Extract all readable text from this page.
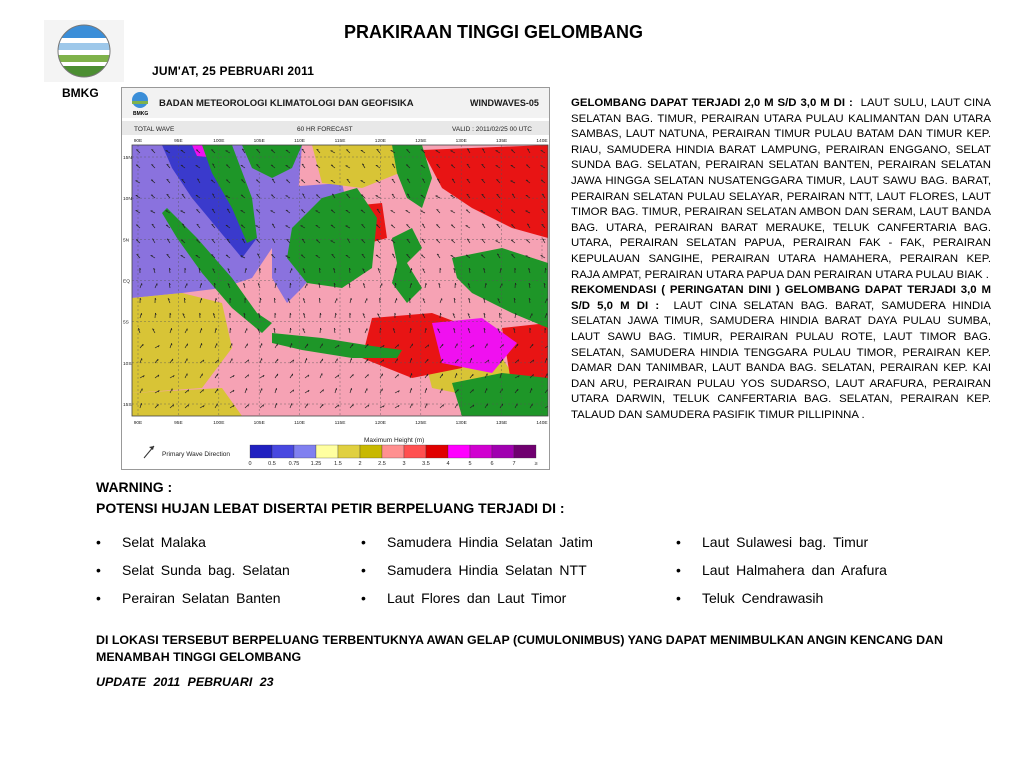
BMKG
PRAKIRAAN TINGGI GELOMBANG
JUM'AT, 25 PEBRUARI 2011
BMKG
BADAN METEOROLOGI KLIMATOLOGI DAN GEOFISIKA	WINDWAVES-05
TOTAL WAVE	60 HR FORECAST	VALID : 2011/02/25 00 UTC
90E	95E	100E	105E	110E	115E	120E	125E	130E	135E	140E
90E	95E	100E	105E	110E	115E	120E	125E	130E	135E	140E
15N
10N
5N
EQ
5S
10S
15S
Primary Wave Direction
Maximum Height (m)
0	0.5 0.75 1.25 1.5	2	2.5	3	3.5	4	5	6	7	≥
GELOMBANG DAPAT TERJADI 2,0 M S/D 3,0 M DI : LAUT SULU, LAUT CINA SELATAN BAG. TIMUR, PERAIRAN UTARA PULAU KALIMANTAN DAN UTARA SAMBAS, LAUT NATUNA, PERAIRAN TIMUR PULAU BATAM DAN TIMUR KEP. RIAU, SAMUDERA HINDIA BARAT LAMPUNG, PERAIRAN ENGGANO, SELAT SUNDA BAG. SELATAN, PERAIRAN SELATAN BANTEN, PERAIRAN SELATAN JAWA HINGGA SELATAN NUSATENGGARA TIMUR, LAUT SAWU BAG. BARAT, PERAIRAN SELATAN PULAU SELAYAR, PERAIRAN NTT, LAUT FLORES, LAUT TIMOR BAG. TIMUR, PERAIRAN SELATAN AMBON DAN SERAM, LAUT BANDA BAG. UTARA, PERAIRAN BARAT MERAUKE, TELUK CANFERTARIA BAG. UTARA, PERAIRAN SELATAN PAPUA, PERAIRAN FAK - FAK, PERAIRAN KEPULAUAN SANGIHE, PERAIRAN UTARA HAMAHERA, PERAIRAN KEP. RAJA AMPAT, PERAIRAN UTARA PAPUA DAN PERAIRAN UTARA PULAU BIAK .
REKOMENDASI ( PERINGATAN DINI ) GELOMBANG DAPAT TERJADI 3,0 M S/D 5,0 M DI : LAUT CINA SELATAN BAG. BARAT, SAMUDERA HINDIA SELATAN JAWA TIMUR, SAMUDERA HINDIA BARAT DAYA PULAU SUMBA, LAUT SAWU BAG. TIMUR, PERAIRAN PULAU ROTE, LAUT TIMOR BAG. SELATAN, SAMUDERA HINDIA TENGGARA PULAU TIMOR, PERAIRAN KEP. DAMAR DAN TANIMBAR, LAUT BANDA BAG. SELATAN, PERAIRAN KEP. KAI DAN ARU, PERAIRAN PULAU YOS SUDARSO, LAUT ARAFURA, PERAIRAN UTARA DARWIN, TELUK CANFERTARIA BAG. SELATAN, PERAIRAN KEP. TALAUD DAN SAMUDERA PASIFIK TIMUR PILLIPINNA .
WARNING :
POTENSI HUJAN LEBAT DISERTAI PETIR BERPELUANG TERJADI DI :
• Selat Malaka
• Selat Sunda bag. Selatan
• Perairan Selatan Banten
• Samudera Hindia Selatan Jatim
• Samudera Hindia Selatan NTT
• Laut Flores dan Laut Timor
• Laut Sulawesi bag. Timur
• Laut Halmahera dan Arafura
• Teluk Cendrawasih
DI LOKASI TERSEBUT BERPELUANG TERBENTUKNYA AWAN GELAP (CUMULONIMBUS) YANG DAPAT MENIMBULKAN ANGIN KENCANG DAN MENAMBAH TINGGI GELOMBANG
UPDATE 2011 PEBRUARI 23
